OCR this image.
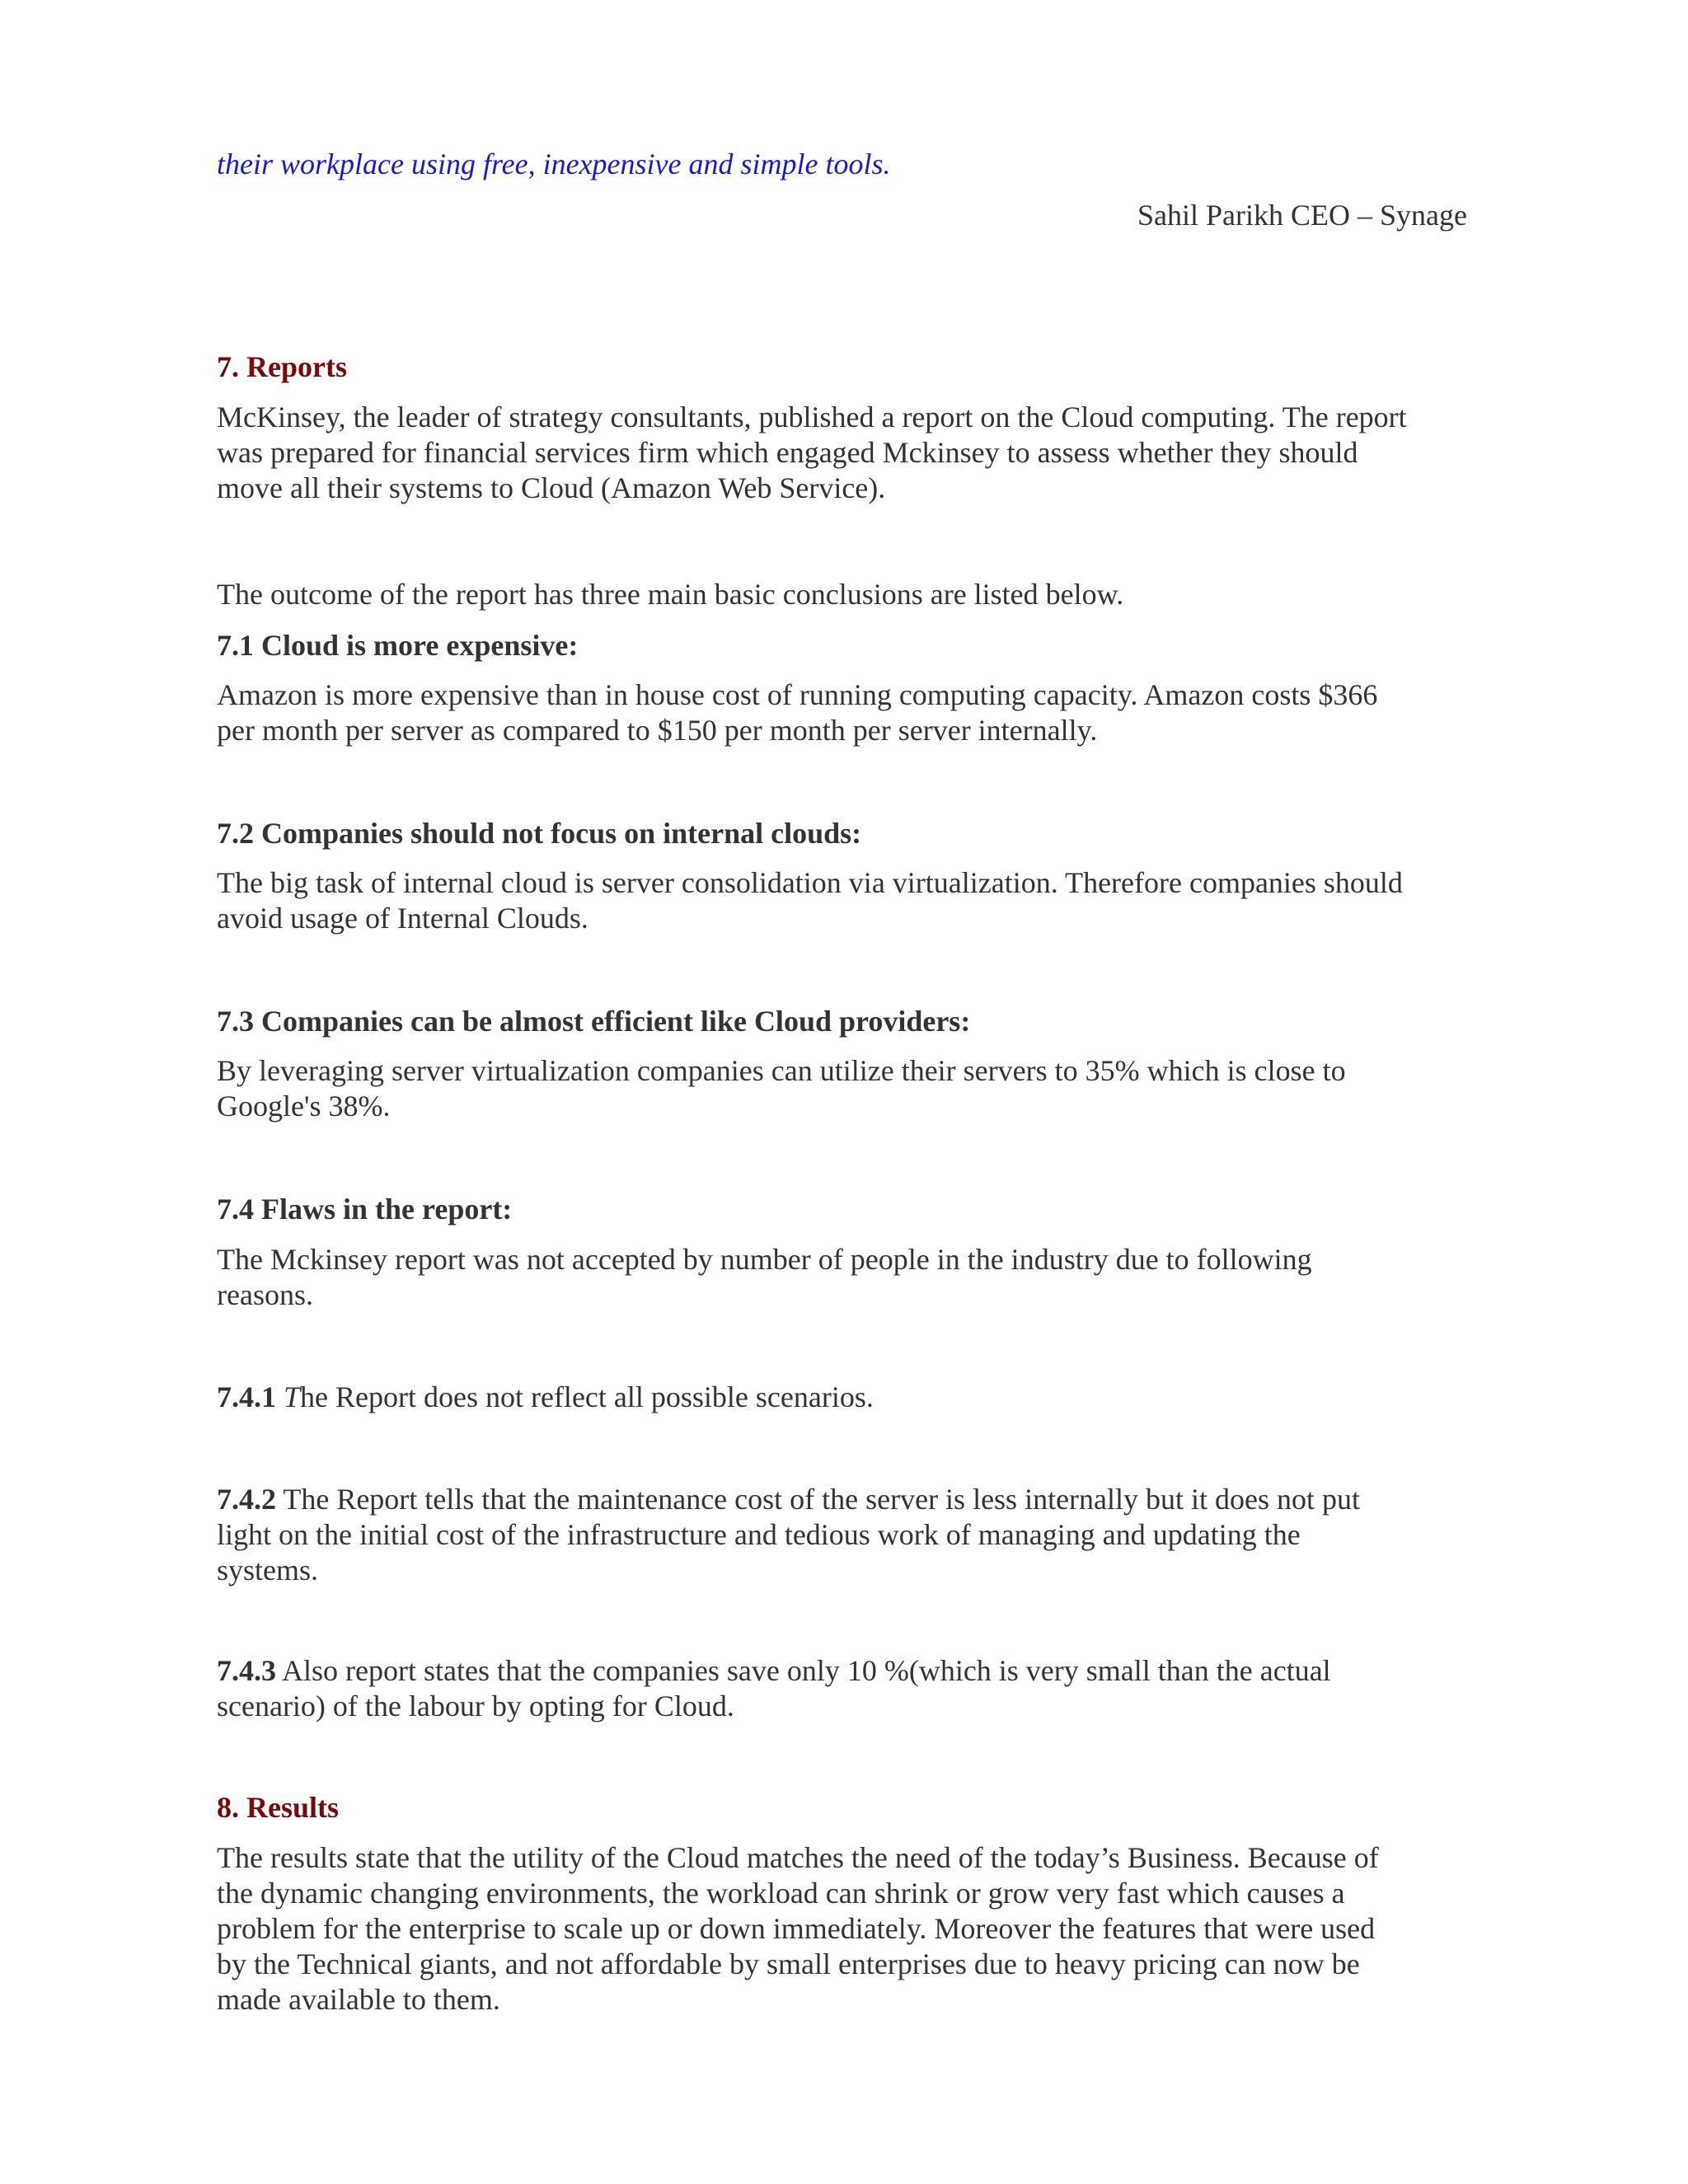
their workplace using free, inexpensive and simple tools.

Sahil Parikh CEO – Synage

7. Reports

McKinsey, the leader of strategy consultants, published a report on the Cloud computing. The report
was prepared for financial services firm which engaged Mckinsey to assess whether they should
move all their systems to Cloud (Amazon Web Service).

The outcome of the report has three main basic conclusions are listed below.

7.1 Cloud is more expensive:

Amazon is more expensive than in house cost of running computing capacity. Amazon costs $366
per month per server as compared to $150 per month per server internally.

7.2 Companies should not focus on internal clouds:

The big task of internal cloud is server consolidation via virtualization. Therefore companies should
avoid usage of Internal Clouds.

7.3 Companies can be almost efficient like Cloud providers:

By leveraging server virtualization companies can utilize their servers to 35% which is close to
Google's 38%.

7.4 Flaws in the report:

The Mckinsey report was not accepted by number of people in the industry due to following
reasons.

7.4.1 The Report does not reflect all possible scenarios.

7.4.2 The Report tells that the maintenance cost of the server is less internally but it does not put
light on the initial cost of the infrastructure and tedious work of managing and updating the
systems.
7.4.3 Also report states that the companies save only 10 %(which is very small than the actual
scenario) of the labour by opting for Cloud.

8. Results

The results state that the utility of the Cloud matches the need of the today’s Business. Because of
the dynamic changing environments, the workload can shrink or grow very fast which causes a
problem for the enterprise to scale up or down immediately. Moreover the features that were used
by the Technical giants, and not affordable by small enterprises due to heavy pricing can now be
made available to them.
